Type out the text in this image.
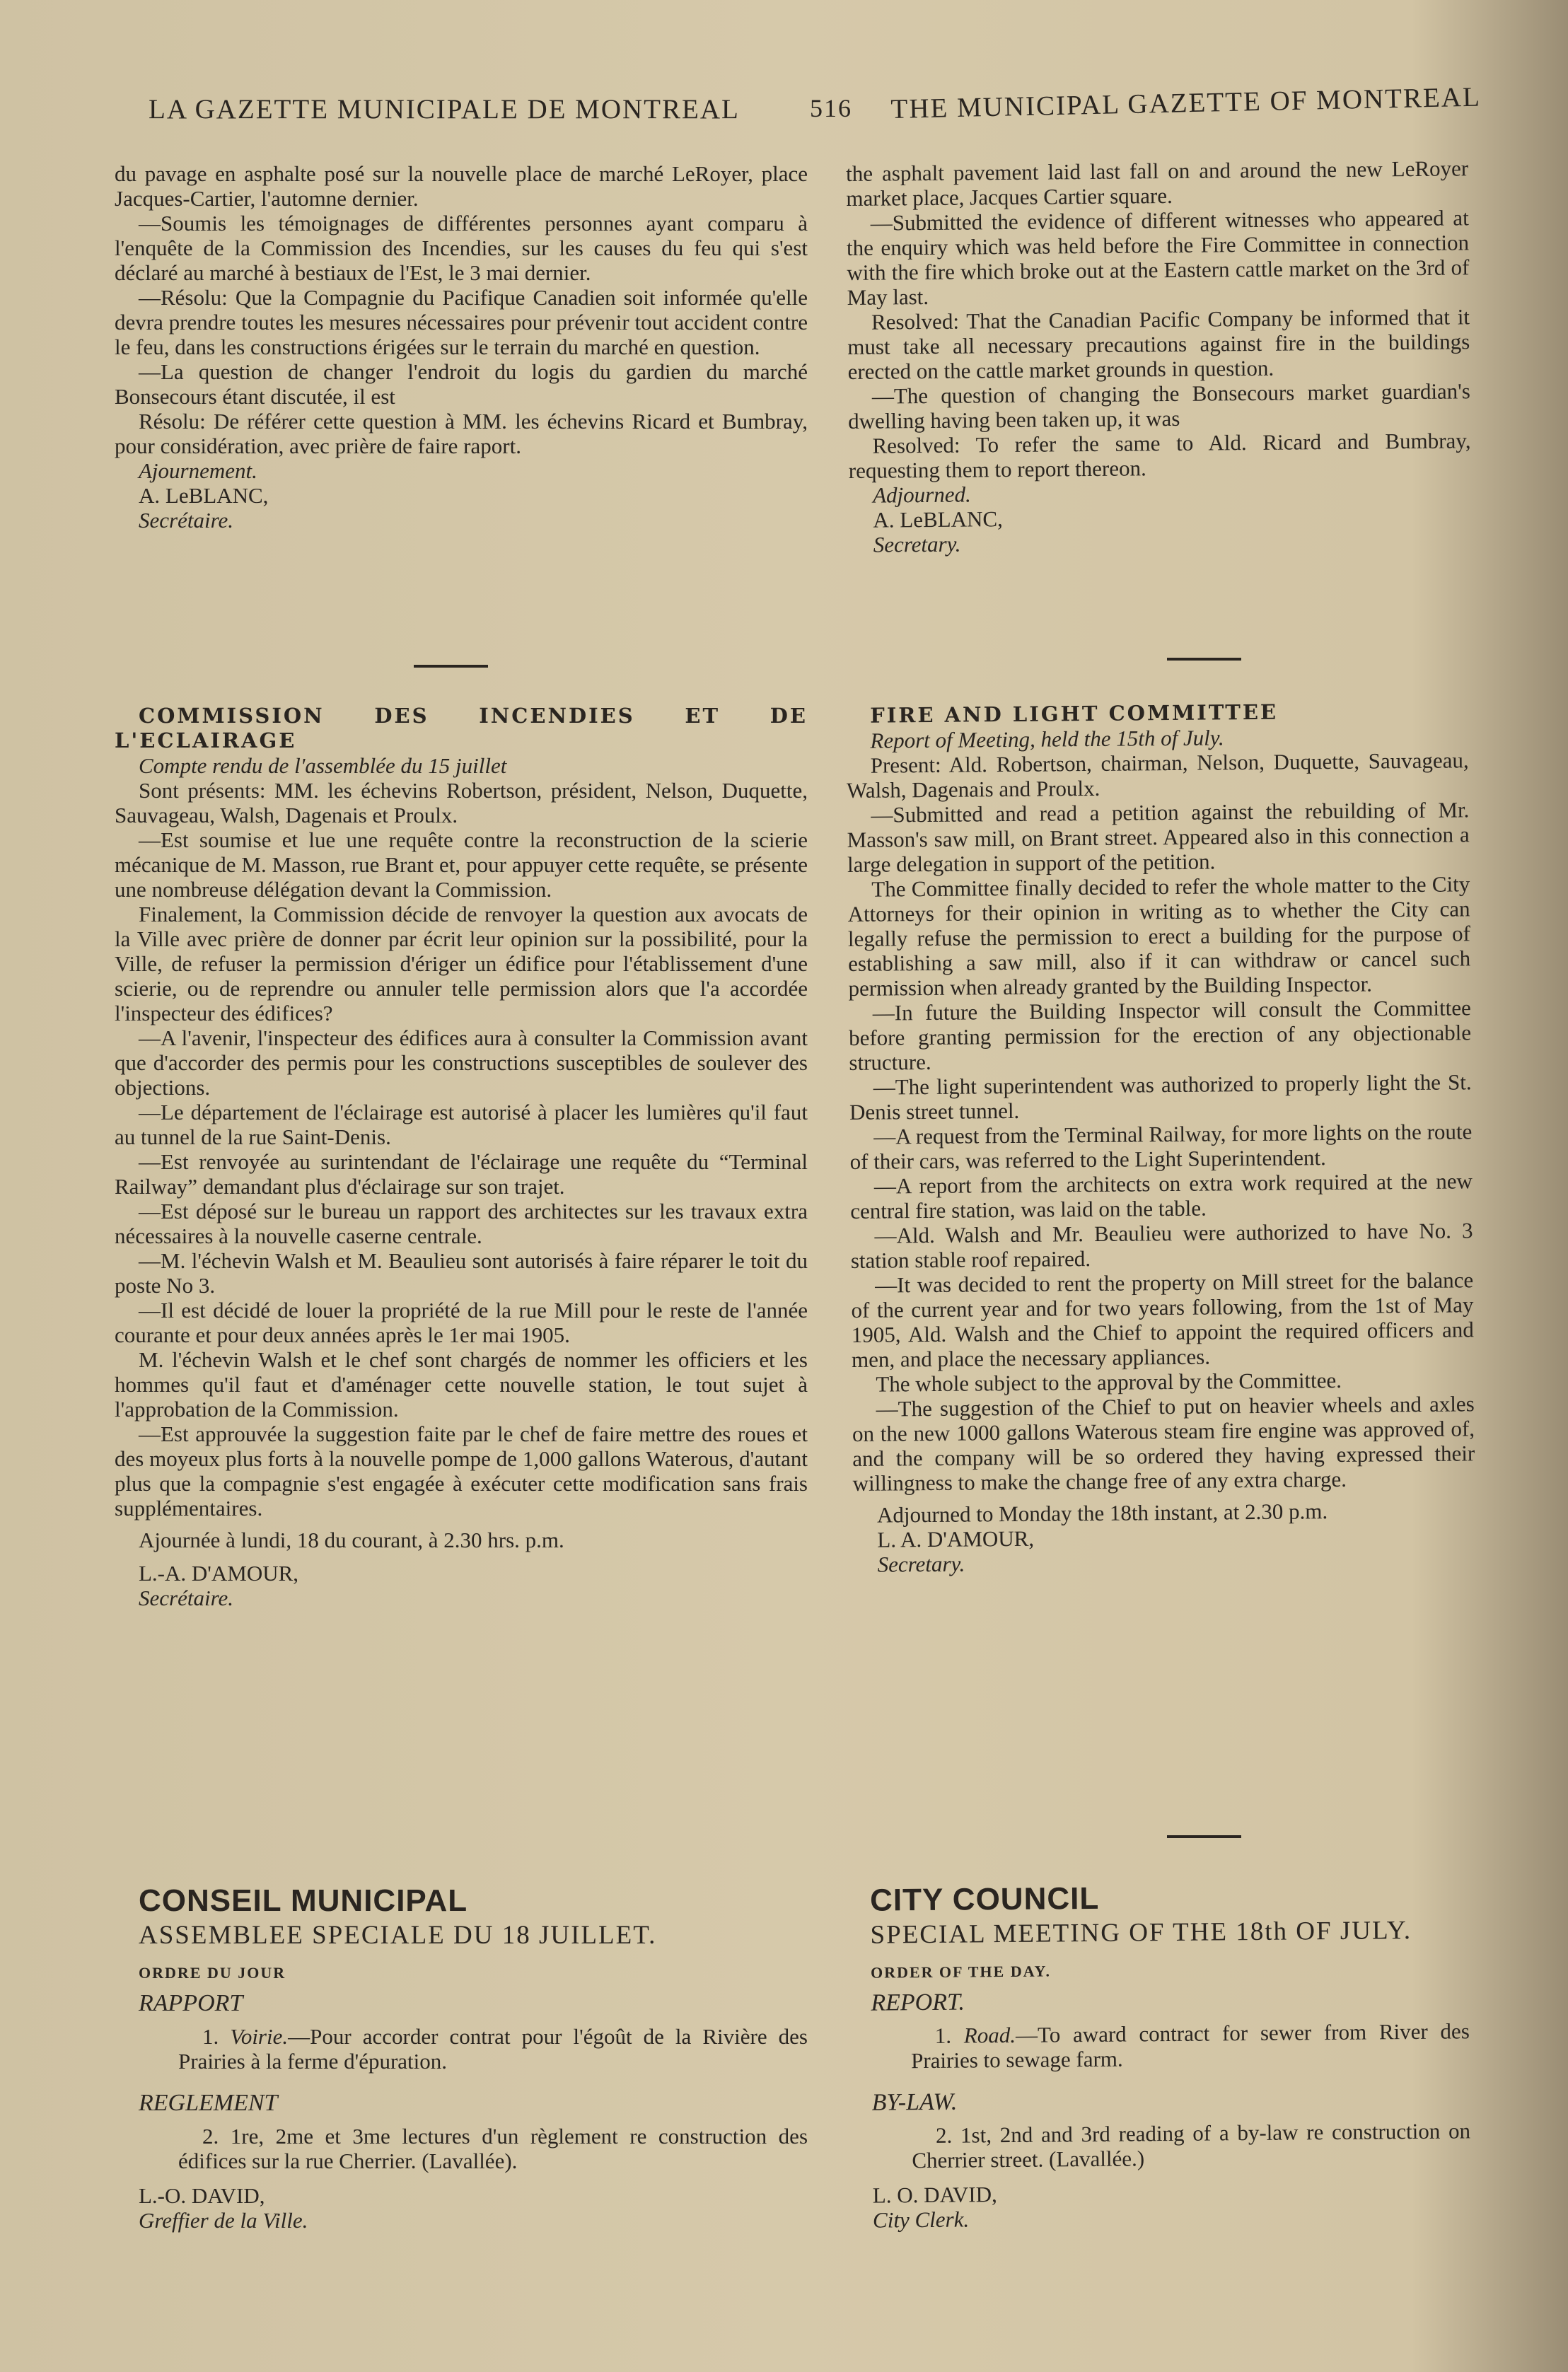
LA GAZETTE MUNICIPALE DE MONTREAL	516 THE MUNICIPAL GAZETTE OF MONTREAL

du pavage en asphalte posé sur la nouvelle place de marché LeRoyer, place Jacques-Cartier, l'automne dernier.

—Soumis les témoignages de différentes personnes ayant comparu à l'enquête de la Commission des Incendies, sur les causes du feu qui s'est déclaré au marché à bestiaux de l'Est, le 3 mai dernier.

—Résolu: Que la Compagnie du Pacifique Canadien soit informée qu'elle devra prendre toutes les mesures nécessaires pour prévenir tout accident contre le feu, dans les constructions érigées sur le terrain du marché en question.

—La question de changer l'endroit du logis du gardien du marché Bonsecours étant discutée, il est

Résolu: De référer cette question à MM. les échevins Ricard et Bumbray, pour considération, avec prière de faire raport.

Ajournement.

A. LeBLANC,

Secrétaire.

the asphalt pavement laid last fall on and around the new LeRoyer market place, Jacques Cartier square.

—Submitted the evidence of different witnesses who appeared at the enquiry which was held before the Fire Committee in connection with the fire which broke out at the Eastern cattle market on the 3rd of May last.

Resolved: That the Canadian Pacific Company be informed that it must take all necessary precautions against fire in the buildings erected on the cattle market grounds in question.

—The question of changing the Bonsecours market guardian's dwelling having been taken up, it was

Resolved: To refer the same to Ald. Ricard and Bumbray, requesting them to report thereon.

Adjourned.

A. LeBLANC,

Secretary.

COMMISSION DES INCENDIES ET DE L'ECLAIRAGE

Compte rendu de l'assemblée du 15 juillet

Sont présents: MM. les échevins Robertson, président, Nelson, Duquette, Sauvageau, Walsh, Dagenais et Proulx.

—Est soumise et lue une requête contre la reconstruction de la scierie mécanique de M. Masson, rue Brant et, pour appuyer cette requête, se présente une nombreuse délégation devant la Commission.

Finalement, la Commission décide de renvoyer la question aux avocats de la Ville avec prière de donner par écrit leur opinion sur la possibilité, pour la Ville, de refuser la permission d'ériger un édifice pour l'établissement d'une scierie, ou de reprendre ou annuler telle permission alors que l'a accordée l'inspecteur des édifices?

—A l'avenir, l'inspecteur des édifices aura à consulter la Commission avant que d'accorder des permis pour les constructions susceptibles de soulever des objections.

—Le département de l'éclairage est autorisé à placer les lumières qu'il faut au tunnel de la rue Saint-Denis.

—Est renvoyée au surintendant de l'éclairage une requête du “Terminal Railway” demandant plus d'éclairage sur son trajet.

—Est déposé sur le bureau un rapport des architectes sur les travaux extra nécessaires à la nouvelle caserne centrale.

—M. l'échevin Walsh et M. Beaulieu sont autorisés à faire réparer le toit du poste No 3.

—Il est décidé de louer la propriété de la rue Mill pour le reste de l'année courante et pour deux années après le 1er mai 1905.

M. l'échevin Walsh et le chef sont chargés de nommer les officiers et les hommes qu'il faut et d'aménager cette nouvelle station, le tout sujet à l'approbation de la Commission.

—Est approuvée la suggestion faite par le chef de faire mettre des roues et des moyeux plus forts à la nouvelle pompe de 1,000 gallons Waterous, d'autant plus que la compagnie s'est engagée à exécuter cette modification sans frais supplémentaires.

Ajournée à lundi, 18 du courant, à 2.30 hrs. p.m.

L.-A. D'AMOUR,

Secrétaire.

FIRE AND LIGHT COMMITTEE

Report of Meeting, held the 15th of July.

Present: Ald. Robertson, chairman, Nelson, Duquette, Sauvageau, Walsh, Dagenais and Proulx.

—Submitted and read a petition against the rebuilding of Mr. Masson's saw mill, on Brant street. Appeared also in this connection a large delegation in support of the petition.

The Committee finally decided to refer the whole matter to the City Attorneys for their opinion in writing as to whether the City can legally refuse the permission to erect a building for the purpose of establishing a saw mill, also if it can withdraw or cancel such permission when already granted by the Building Inspector.

—In future the Building Inspector will consult the Committee before granting permission for the erection of any objectionable structure.

—The light superintendent was authorized to properly light the St. Denis street tunnel.

—A request from the Terminal Railway, for more lights on the route of their cars, was referred to the Light Superintendent.

—A report from the architects on extra work required at the new central fire station, was laid on the table.

—Ald. Walsh and Mr. Beaulieu were authorized to have No. 3 station stable roof repaired.

—It was decided to rent the property on Mill street for the balance of the current year and for two years following, from the 1st of May 1905, Ald. Walsh and the Chief to appoint the required officers and men, and place the necessary appliances.

The whole subject to the approval by the Committee.

—The suggestion of the Chief to put on heavier wheels and axles on the new 1000 gallons Waterous steam fire engine was approved of, and the company will be so ordered they having expressed their willingness to make the change free of any extra charge.

Adjourned to Monday the 18th instant, at 2.30 p.m.

L. A. D'AMOUR,

Secretary.

CONSEIL MUNICIPAL

ASSEMBLEE SPECIALE DU 18 JUILLET.

ORDRE DU JOUR

RAPPORT

1. Voirie.—Pour accorder contrat pour l'égoût de la Rivière des Prairies à la ferme d'épuration.

REGLEMENT

2. 1re, 2me et 3me lectures d'un règlement re construction des édifices sur la rue Cherrier. (Lavallée).

L.-O. DAVID,

Greffier de la Ville.

CITY COUNCIL

SPECIAL MEETING OF THE 18th OF JULY.

ORDER OF THE DAY.

REPORT.

1. Road.—To award contract for sewer from River des Prairies to sewage farm.

BY-LAW.

2. 1st, 2nd and 3rd reading of a by-law re construction on Cherrier street. (Lavallée.)

L. O. DAVID,

City Clerk.
